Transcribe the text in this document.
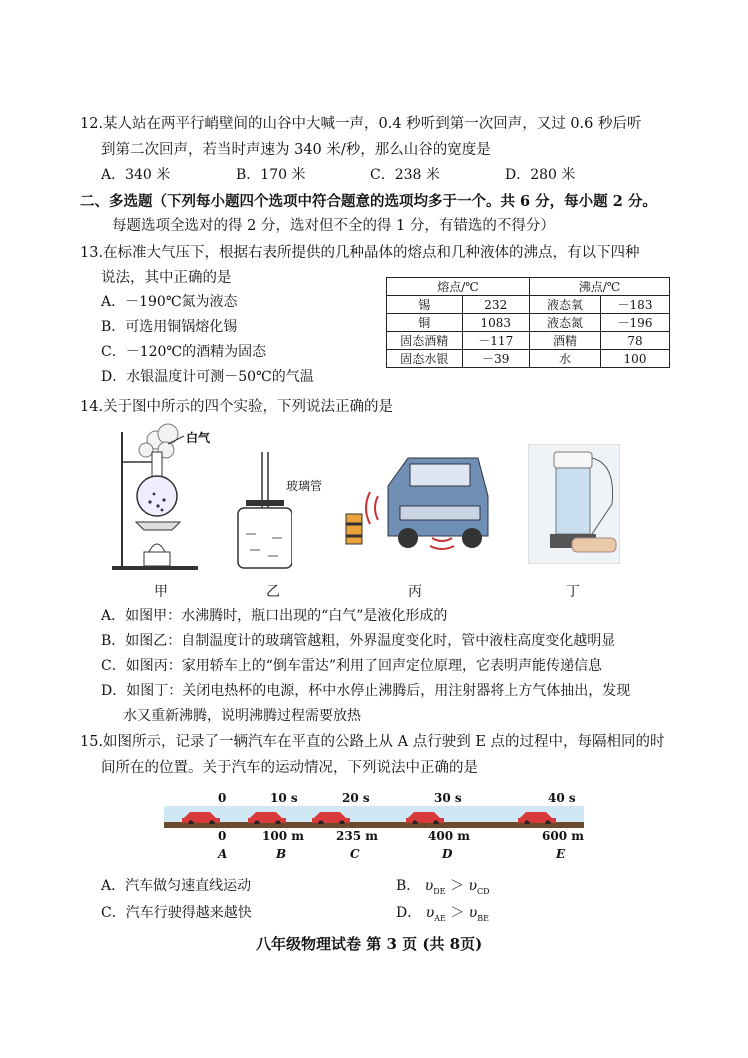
12.某人站在两平行峭壁间的山谷中大喊一声，0.4 秒听到第一次回声，又过 0.6 秒后听
到第二次回声，若当时声速为 340 米/秒，那么山谷的宽度是
A．340 米	B．170 米	C．238 米	D．280 米
二、多选题（下列每小题四个选项中符合题意的选项均多于一个。共 6 分，每小题 2 分。
每题选项全选对的得 2 分，选对但不全的得 1 分，有错选的不得分）
13.在标准大气压下，根据右表所提供的几种晶体的熔点和几种液体的沸点，有以下四种
说法，其中正确的是
A．－190℃氮为液态
B．可选用铜锅熔化锡
C．－120℃的酒精为固态
D．水银温度计可测－50℃的气温
熔点/℃		沸点/℃	
锡	232	液态氧	－183
铜	1083	液态氮	－196
固态酒精	－117	酒精	78
固态水银	－39	水	100
14.关于图中所示的四个实验，下列说法正确的是
白气
玻璃管
甲	乙	丙	丁
A．如图甲：水沸腾时，瓶口出现的“白气”是液化形成的
B．如图乙：自制温度计的玻璃管越粗，外界温度变化时，管中液柱高度变化越明显
C．如图丙：家用轿车上的“倒车雷达”利用了回声定位原理，它表明声能传递信息
D．如图丁：关闭电热杯的电源，杯中水停止沸腾后，用注射器将上方气体抽出，发现
水又重新沸腾，说明沸腾过程需要放热
15.如图所示，记录了一辆汽车在平直的公路上从 A 点行驶到 E 点的过程中，每隔相同的时
间所在的位置。关于汽车的运动情况，下列说法中正确的是
0	10 s	20 s	30 s	40 s
0	100 m	235 m	400 m	600 m
A	B	C	D	E
A．汽车做匀速直线运动	B． $\upsilon_{DE} > \upsilon_{CD}$
C．汽车行驶得越来越快	D． $\upsilon_{AE} > \upsilon_{BE}$
八年级物理试卷 第 3 页 (共 8页)
